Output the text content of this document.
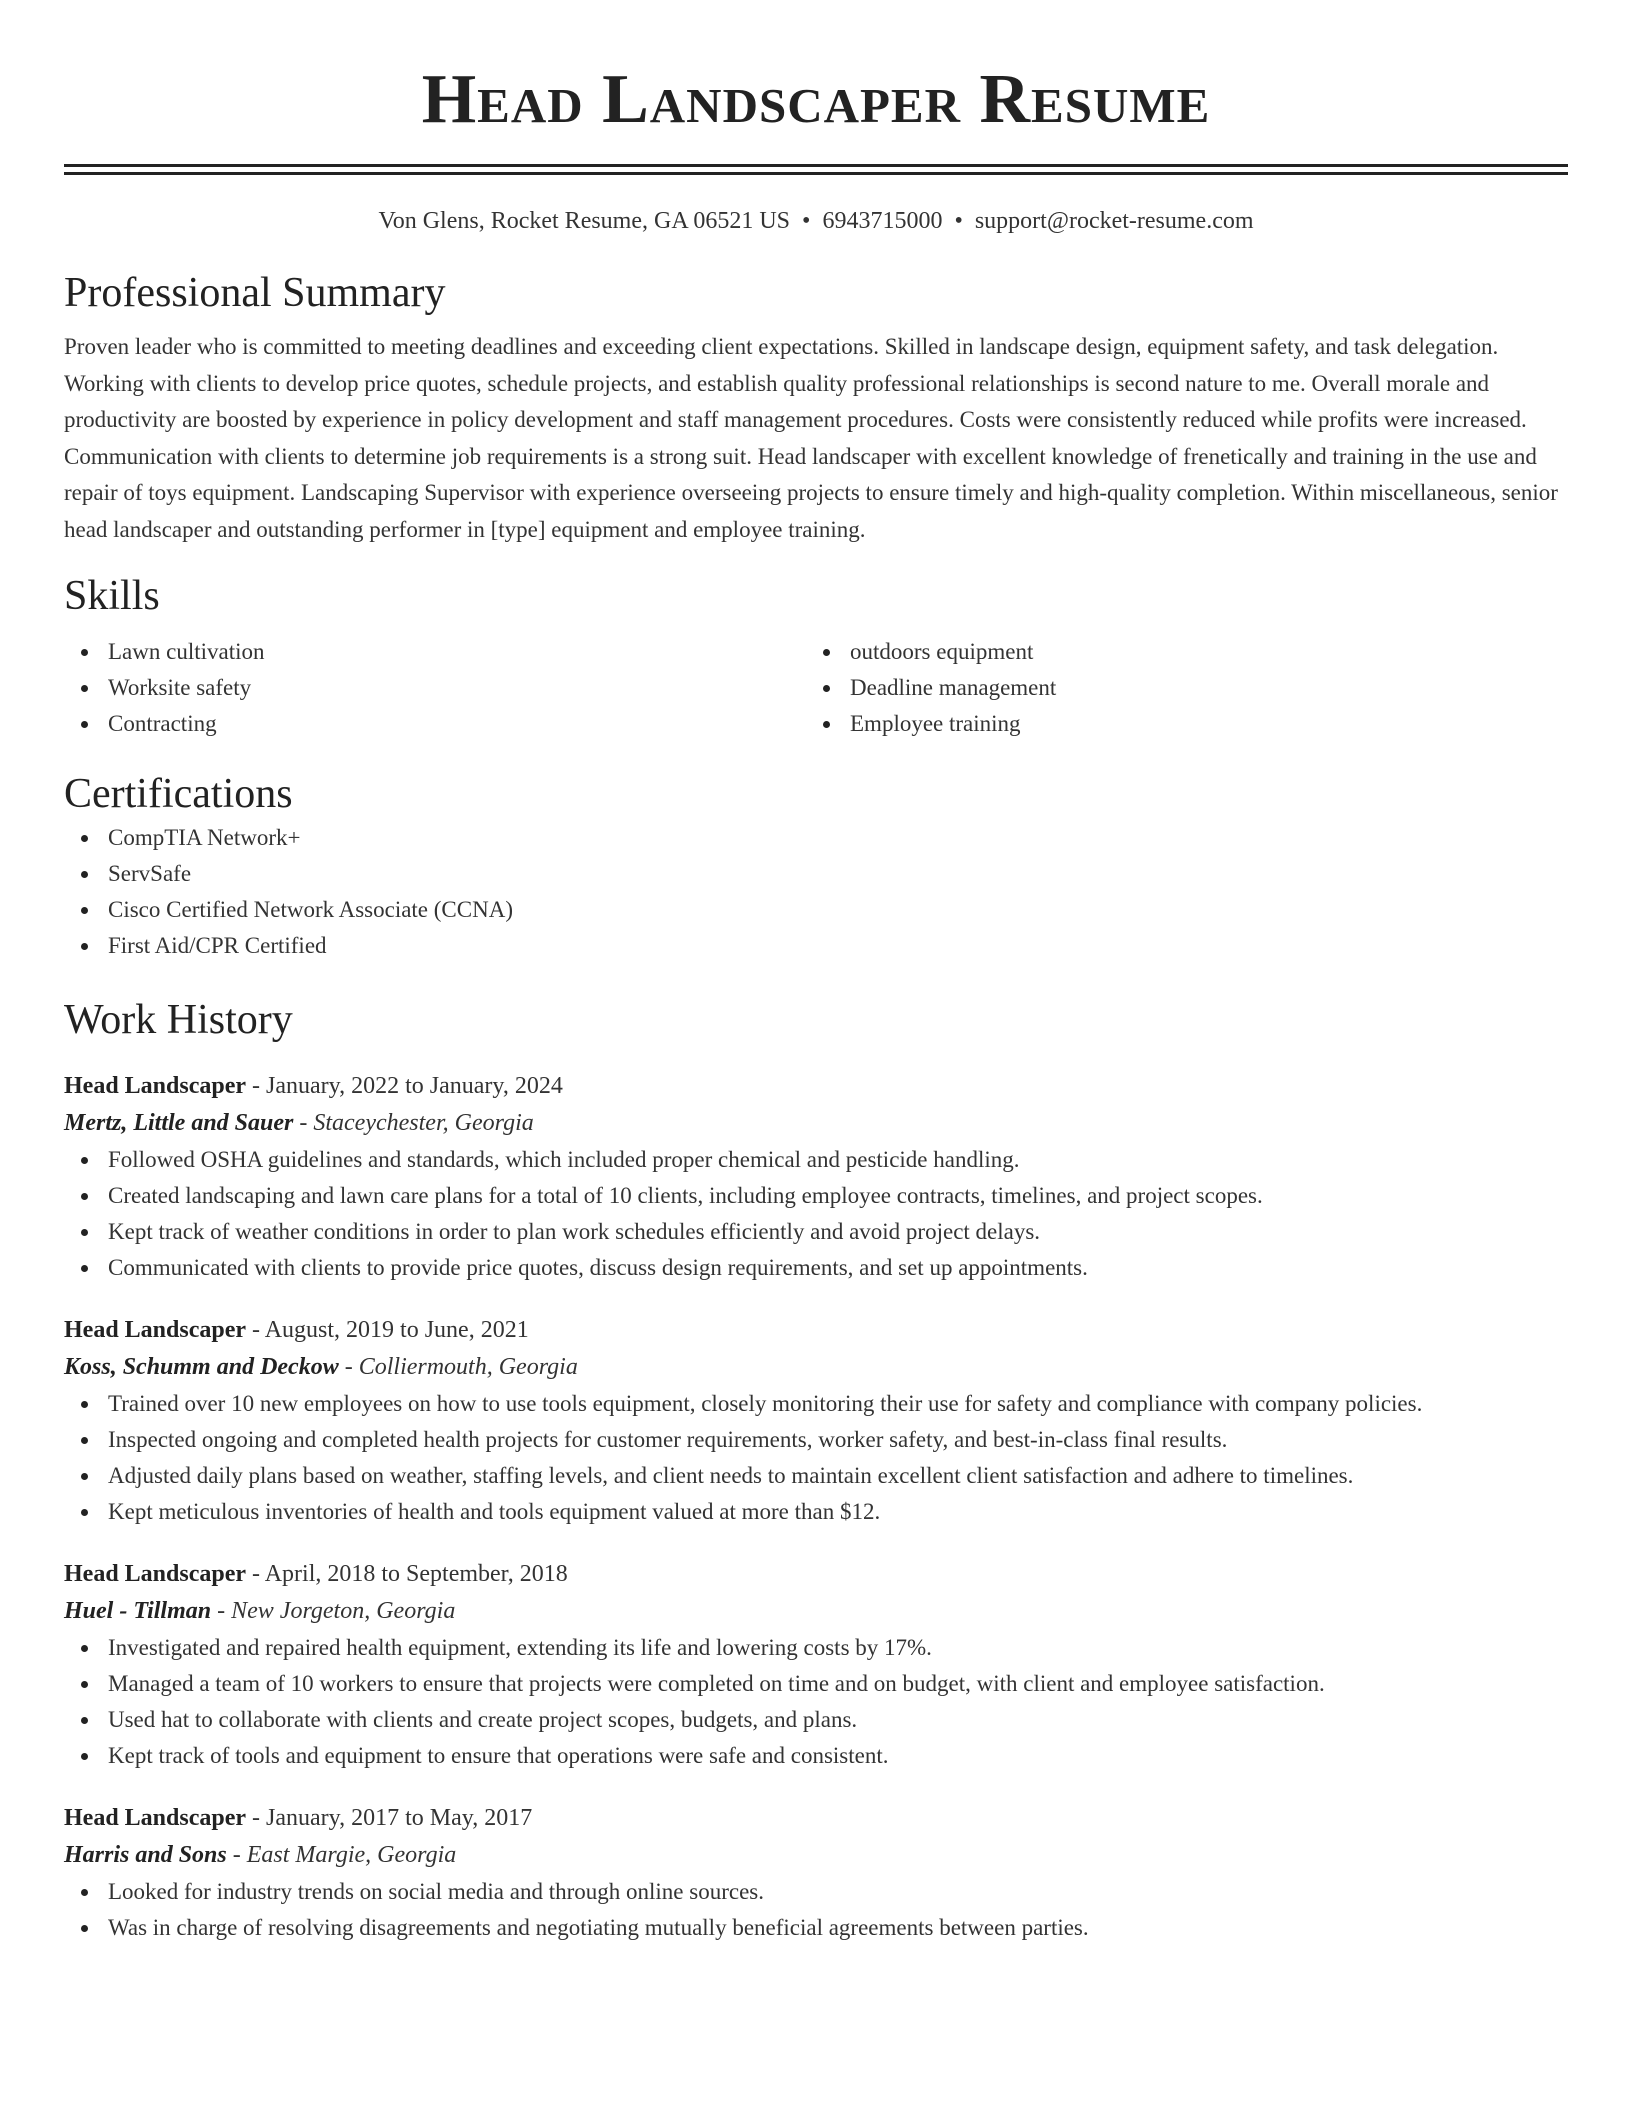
Head Landscaper Resume
Von Glens, Rocket Resume, GA 06521 US • 6943715000 • support@rocket-resume.com
Professional Summary

Proven leader who is committed to meeting deadlines and exceeding client expectations. Skilled in landscape design, equipment safety, and task delegation. Working with clients to develop price quotes, schedule projects, and establish quality professional relationships is second nature to me. Overall morale and productivity are boosted by experience in policy development and staff management procedures. Costs were consistently reduced while profits were increased. Communication with clients to determine job requirements is a strong suit. Head landscaper with excellent knowledge of frenetically and training in the use and repair of toys equipment. Landscaping Supervisor with experience overseeing projects to ensure timely and high-quality completion. Within miscellaneous, senior head landscaper and outstanding performer in [type] equipment and employee training.

Skills
Lawn cultivation
Worksite safety
Contracting
outdoors equipment
Deadline management
Employee training
Certifications
CompTIA Network+
ServSafe
Cisco Certified Network Associate (CCNA)
First Aid/CPR Certified
Work History
Head Landscaper - January, 2022 to January, 2024
Mertz, Little and Sauer - Staceychester, Georgia
Followed OSHA guidelines and standards, which included proper chemical and pesticide handling.
Created landscaping and lawn care plans for a total of 10 clients, including employee contracts, timelines, and project scopes.
Kept track of weather conditions in order to plan work schedules efficiently and avoid project delays.
Communicated with clients to provide price quotes, discuss design requirements, and set up appointments.
Head Landscaper - August, 2019 to June, 2021
Koss, Schumm and Deckow - Colliermouth, Georgia
Trained over 10 new employees on how to use tools equipment, closely monitoring their use for safety and compliance with company policies.
Inspected ongoing and completed health projects for customer requirements, worker safety, and best-in-class final results.
Adjusted daily plans based on weather, staffing levels, and client needs to maintain excellent client satisfaction and adhere to timelines.
Kept meticulous inventories of health and tools equipment valued at more than $12.
Head Landscaper - April, 2018 to September, 2018
Huel - Tillman - New Jorgeton, Georgia
Investigated and repaired health equipment, extending its life and lowering costs by 17%.
Managed a team of 10 workers to ensure that projects were completed on time and on budget, with client and employee satisfaction.
Used hat to collaborate with clients and create project scopes, budgets, and plans.
Kept track of tools and equipment to ensure that operations were safe and consistent.
Head Landscaper - January, 2017 to May, 2017
Harris and Sons - East Margie, Georgia
Looked for industry trends on social media and through online sources.
Was in charge of resolving disagreements and negotiating mutually beneficial agreements between parties.
